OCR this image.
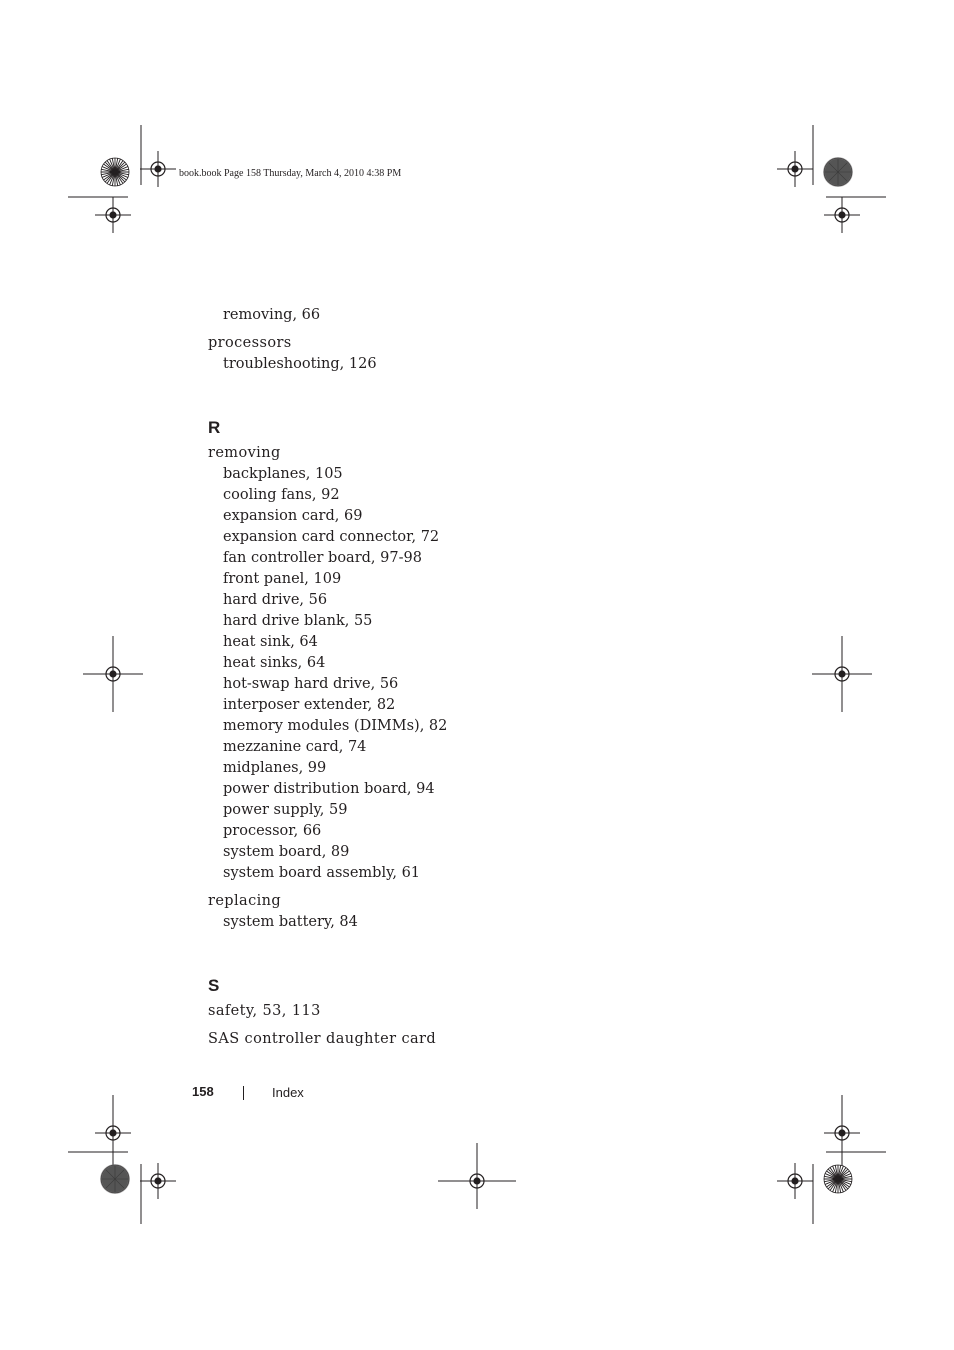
book.book Page 158 Thursday, March 4, 2010 4:38 PM
removing, 66
processors
troubleshooting, 126
R
removing
backplanes, 105
cooling fans, 92
expansion card, 69
expansion card connector, 72
fan controller board, 97-98
front panel, 109
hard drive, 56
hard drive blank, 55
heat sink, 64
heat sinks, 64
hot-swap hard drive, 56
interposer extender, 82
memory modules (DIMMs), 82
mezzanine card, 74
midplanes, 99
power distribution board, 94
power supply, 59
processor, 66
system board, 89
system board assembly, 61
replacing
system battery, 84
S
safety, 53, 113
SAS controller daughter card
158	Index
